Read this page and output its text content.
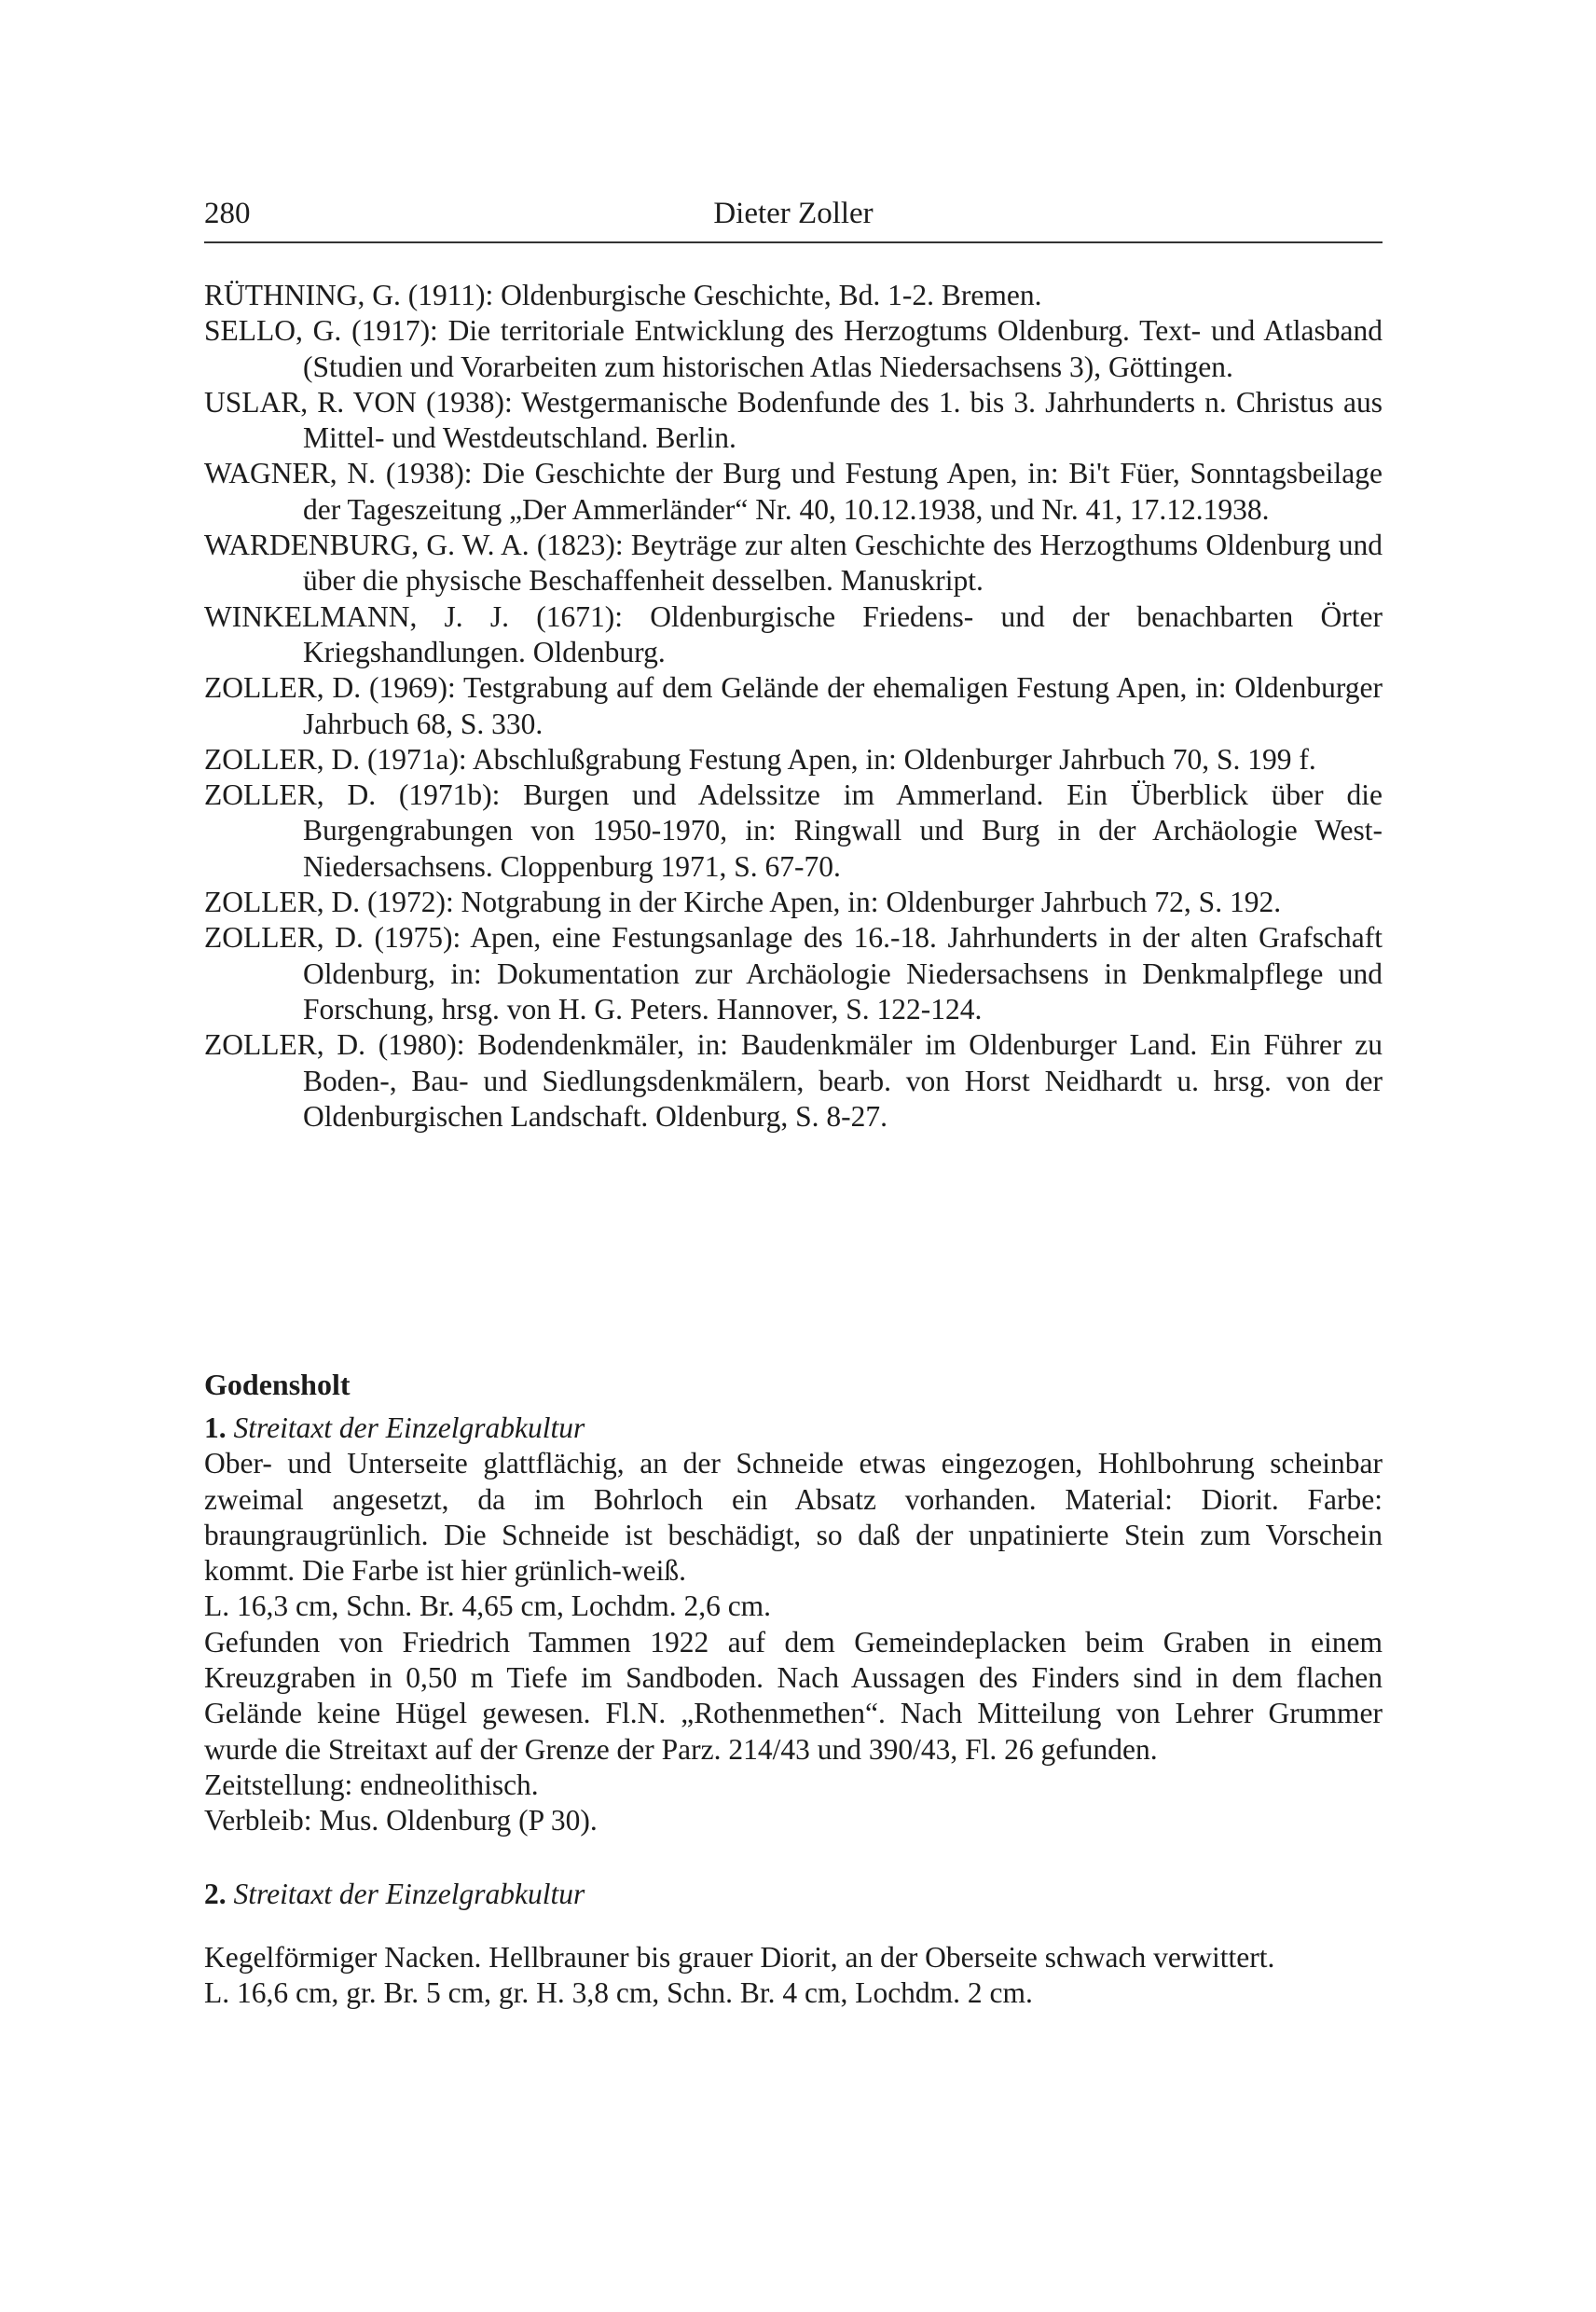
280	Dieter Zoller
RÜTHNING, G. (1911): Oldenburgische Geschichte, Bd. 1-2. Bremen.
SELLO, G. (1917): Die territoriale Entwicklung des Herzogtums Oldenburg. Text- und Atlasband (Studien und Vorarbeiten zum historischen Atlas Niedersachsens 3), Göttingen.
USLAR, R. VON (1938): Westgermanische Bodenfunde des 1. bis 3. Jahrhunderts n. Christus aus Mittel- und Westdeutschland. Berlin.
WAGNER, N. (1938): Die Geschichte der Burg und Festung Apen, in: Bi't Füer, Sonntagsbeilage der Tageszeitung „Der Ammerländer“ Nr. 40, 10.12.1938, und Nr. 41, 17.12.1938.
WARDENBURG, G. W. A. (1823): Beyträge zur alten Geschichte des Herzogthums Oldenburg und über die physische Beschaffenheit desselben. Manuskript.
WINKELMANN, J. J. (1671): Oldenburgische Friedens- und der benachbarten Örter Kriegshandlungen. Oldenburg.
ZOLLER, D. (1969): Testgrabung auf dem Gelände der ehemaligen Festung Apen, in: Oldenburger Jahrbuch 68, S. 330.
ZOLLER, D. (1971a): Abschlußgrabung Festung Apen, in: Oldenburger Jahrbuch 70, S. 199 f.
ZOLLER, D. (1971b): Burgen und Adelssitze im Ammerland. Ein Überblick über die Burgengrabungen von 1950-1970, in: Ringwall und Burg in der Archäologie West-Niedersachsens. Cloppenburg 1971, S. 67-70.
ZOLLER, D. (1972): Notgrabung in der Kirche Apen, in: Oldenburger Jahrbuch 72, S. 192.
ZOLLER, D. (1975): Apen, eine Festungsanlage des 16.-18. Jahrhunderts in der alten Grafschaft Oldenburg, in: Dokumentation zur Archäologie Niedersachsens in Denkmalpflege und Forschung, hrsg. von H. G. Peters. Hannover, S. 122-124.
ZOLLER, D. (1980): Bodendenkmäler, in: Baudenkmäler im Oldenburger Land. Ein Führer zu Boden-, Bau- und Siedlungsdenkmälern, bearb. von Horst Neidhardt u. hrsg. von der Oldenburgischen Landschaft. Oldenburg, S. 8-27.
Godensholt

1. Streitaxt der Einzelgrabkultur

Ober- und Unterseite glattflächig, an der Schneide etwas eingezogen, Hohlbohrung scheinbar zweimal angesetzt, da im Bohrloch ein Absatz vorhanden. Material: Diorit. Farbe: braungraugrünlich. Die Schneide ist beschädigt, so daß der unpatinierte Stein zum Vorschein kommt. Die Farbe ist hier grünlich-weiß.

L. 16,3 cm, Schn. Br. 4,65 cm, Lochdm. 2,6 cm.

Gefunden von Friedrich Tammen 1922 auf dem Gemeindeplacken beim Graben in einem Kreuzgraben in 0,50 m Tiefe im Sandboden. Nach Aussagen des Finders sind in dem flachen Gelände keine Hügel gewesen. Fl.N. „Rothenmethen“. Nach Mitteilung von Lehrer Grummer wurde die Streitaxt auf der Grenze der Parz. 214/43 und 390/43, Fl. 26 gefunden.

Zeitstellung: endneolithisch.

Verbleib: Mus. Oldenburg (P 30).

2. Streitaxt der Einzelgrabkultur

Kegelförmiger Nacken. Hellbrauner bis grauer Diorit, an der Oberseite schwach verwittert.

L. 16,6 cm, gr. Br. 5 cm, gr. H. 3,8 cm, Schn. Br. 4 cm, Lochdm. 2 cm.
